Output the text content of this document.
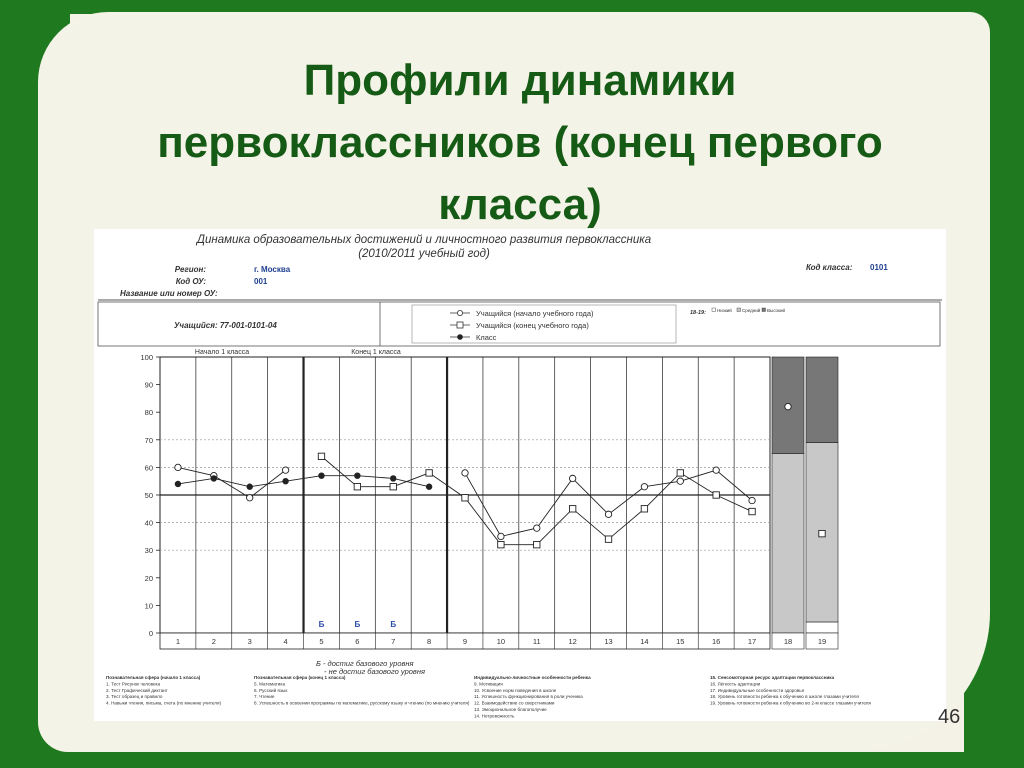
Профили динамики
первоклассников (конец первого
класса)
Динамика образовательных достижений и личностного развития первоклассника
(2010/2011 учебный год)
Регион:	г. Москва
Код ОУ:	001
Название или номер ОУ:
Код класса: 0101
Учащийся: 77-001-0101-04
Учащийся (начало учебного года)
Учащийся (конец учебного года)
Класс
18-19: Низкий Средний Высокий
Начало 1 класса	Конец 1 класса
0
10
20
30
40
50
60
70
80
90
100
1	2	3	4	5	6	7	8	9	10	11	12	13	14	15	16	17
Б	Б	Б
18	19
Б - достиг базового уровня
- не достиг базового уровня
Познавательная сфера (начало 1 класса)
1. Тест Рисунок человека
2. Тест Графический диктант
3. Тест образец и правило
4. Навыки чтения, письма, счета (по мнению учителя)
Познавательная сфера (конец 1 класса)
5. Математика
6. Русский язык
7. Чтение
8. Успешность в освоении программы по математике, русскому языку и чтению (по мнению учителя)
Индивидуально-личностные особенности ребенка
9. Мотивация
10. Усвоение норм поведения в школе
11. Успешность функционирования в роли ученика
12. Взаимодействие со сверстниками
13. Эмоциональное благополучие
14. Нетревожность
15. Сенсомоторная ресурс адаптации первоклассника
16. Лёгкость адаптации
17. Индивидуальные особенности здоровья
18. Уровень готовности ребенка к обучению в школе глазами учителя
19. Уровень готовности ребенка к обучению во 2-м классе глазами учителя
46
